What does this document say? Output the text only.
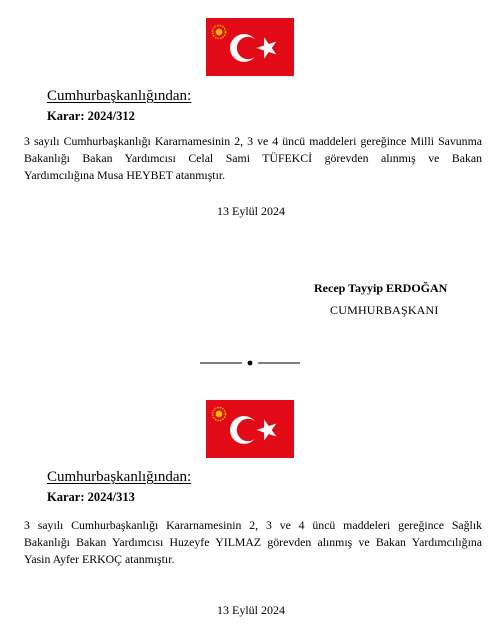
Cumhurbaşkanlığından:
Karar: 2024/312
3 sayılı Cumhurbaşkanlığı Kararnamesinin 2, 3 ve 4 üncü maddeleri gereğince Milli Savunma
Bakanlığı Bakan Yardımcısı Celal Sami TÜFEKCİ görevden alınmış ve Bakan
Yardımcılığına Musa HEYBET atanmıştır.
13 Eylül 2024
Recep Tayyip ERDOĞAN
CUMHURBAŞKANI
Cumhurbaşkanlığından:
Karar: 2024/313
3 sayılı Cumhurbaşkanlığı Kararnamesinin 2, 3 ve 4 üncü maddeleri gereğince Sağlık
Bakanlığı Bakan Yardımcısı Huzeyfe YILMAZ görevden alınmış ve Bakan Yardımcılığına
Yasin Ayfer ERKOÇ atanmıştır.
13 Eylül 2024
